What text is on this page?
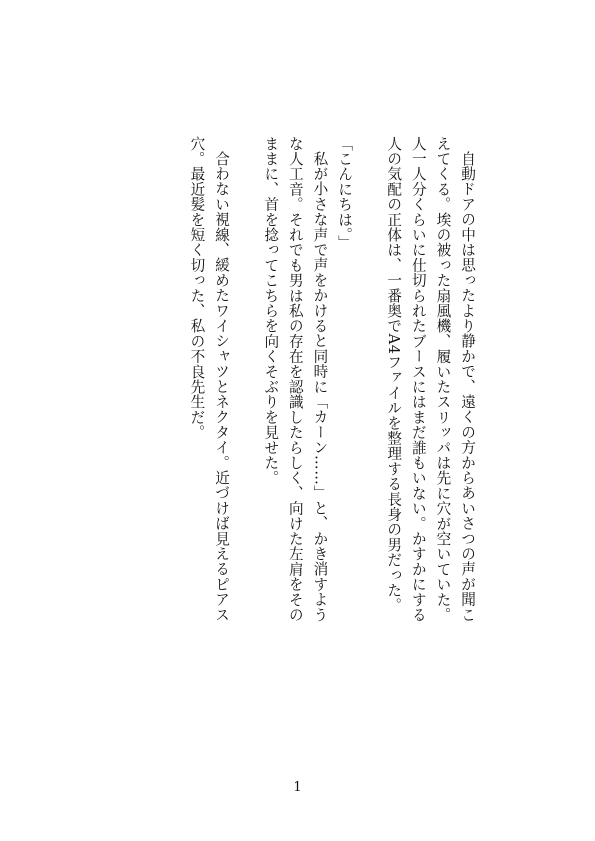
自動ドアの中は思ったより静かで、遠くの方からあいさつの声が聞こえてくる。埃の被った扇風機、履いたスリッパは先に穴が空いていた。人一人分くらいに仕切られたブースにはまだ誰もいない。かすかにする人の気配の正体は、一番奥でA4ファイルを整理する長身の男だった。

「こんにちは。」

私が小さな声で声をかけると同時に「カーン……」と、かき消すような人工音。それでも男は私の存在を認識したらしく、向けた左肩をそのままに、首を捻ってこちらを向くそぶりを見せた。

合わない視線、緩めたワイシャツとネクタイ。近づけば見えるピアス穴。最近髪を短く切った、私の不良先生だ。

1
